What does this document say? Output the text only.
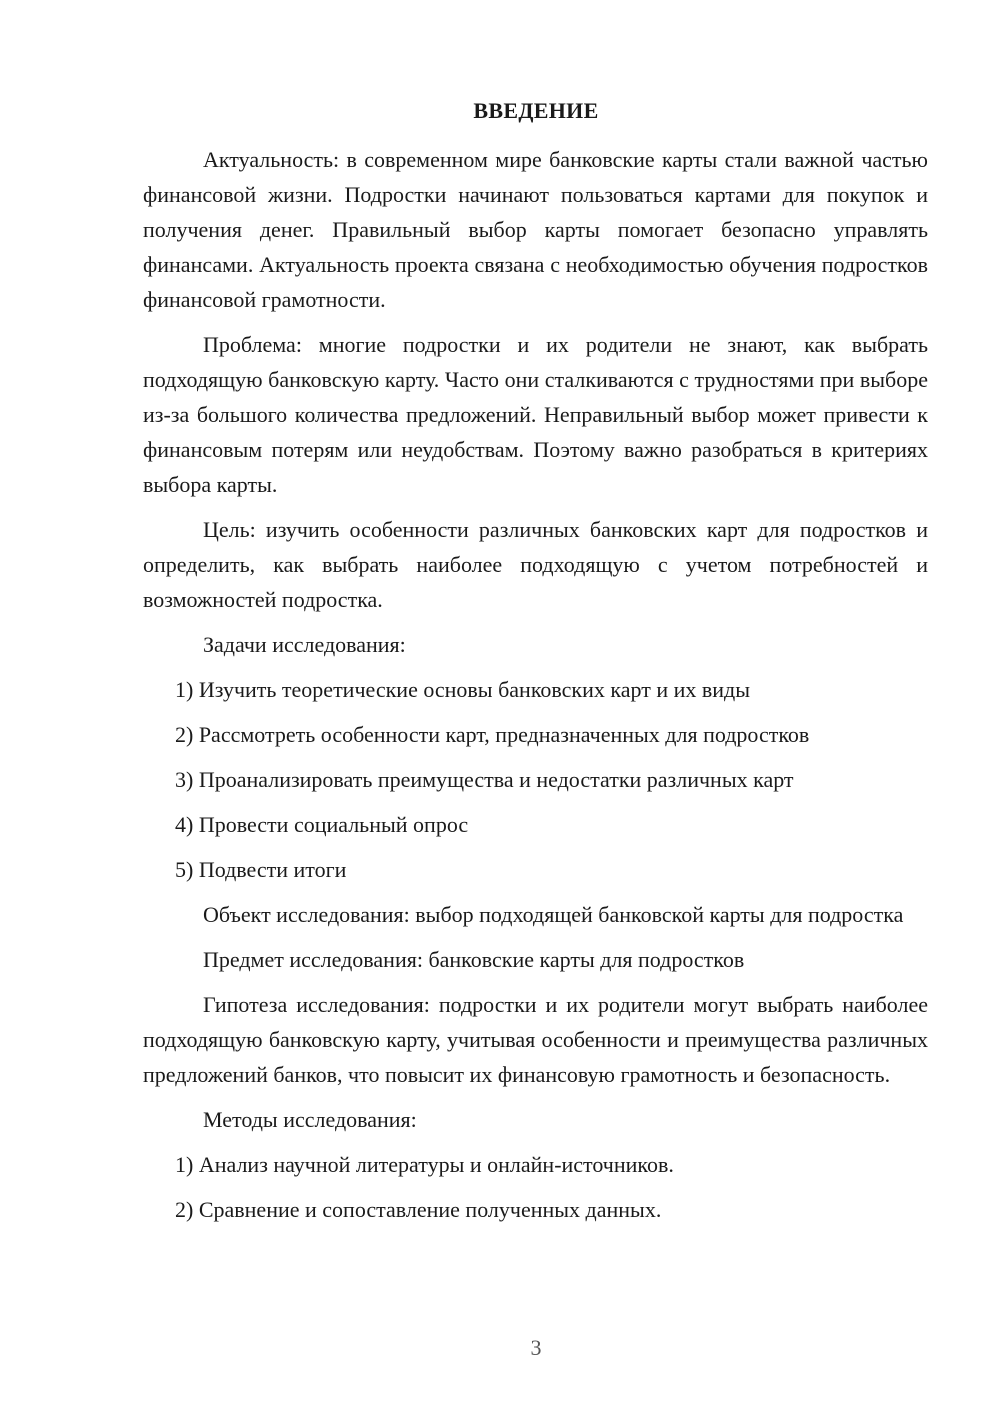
ВВЕДЕНИЕ

Актуальность: в современном мире банковские карты стали важной частью финансовой жизни. Подростки начинают пользоваться картами для покупок и получения денег. Правильный выбор карты помогает безопасно управлять финансами. Актуальность проекта связана с необходимостью обучения подростков финансовой грамотности.

Проблема: многие подростки и их родители не знают, как выбрать подходящую банковскую карту. Часто они сталкиваются с трудностями при выборе из-за большого количества предложений. Неправильный выбор может привести к финансовым потерям или неудобствам. Поэтому важно разобраться в критериях выбора карты.

Цель: изучить особенности различных банковских карт для подростков и определить, как выбрать наиболее подходящую с учетом потребностей и возможностей подростка.

Задачи исследования:

1) Изучить теоретические основы банковских карт и их виды
2) Рассмотреть особенности карт, предназначенных для подростков
3) Проанализировать преимущества и недостатки различных карт
4) Провести социальный опрос
5) Подвести итоги

Объект исследования: выбор подходящей банковской карты для подростка

Предмет исследования: банковские карты для подростков

Гипотеза исследования: подростки и их родители могут выбрать наиболее подходящую банковскую карту, учитывая особенности и преимущества различных предложений банков, что повысит их финансовую грамотность и безопасность.

Методы исследования:

1) Анализ научной литературы и онлайн-источников.
2) Сравнение и сопоставление полученных данных.
3
